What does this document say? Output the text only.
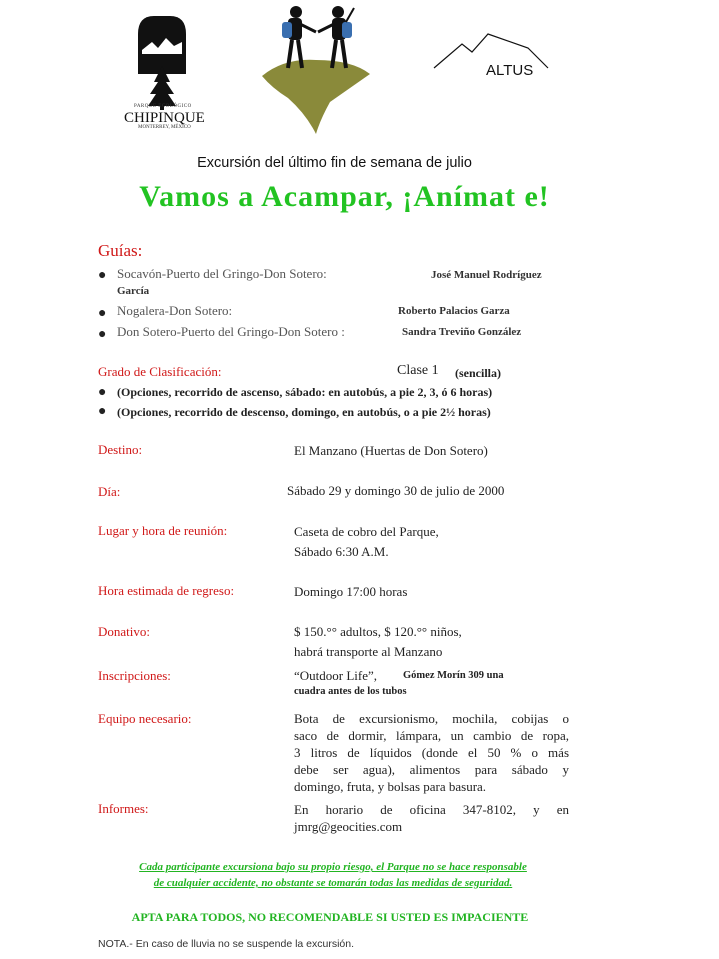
PARQUE ECOLÓGICO
CHIPINQUE
MONTERREY, MÉXICO
ALTUS
Excursión del último fin de semana de julio
Vamos a Acampar, ¡Anímat e!
Guías:
● Socavón-Puerto del Gringo-Don Sotero:	José Manuel Rodríguez
García
● Nogalera-Don Sotero:	Roberto Palacios Garza
● Don Sotero-Puerto del Gringo-Don Sotero :	Sandra Treviño González
Grado de Clasificación:	Clase 1 (sencilla)
● (Opciones, recorrido de ascenso, sábado: en autobús, a pie 2, 3, ó 6 horas)
● (Opciones, recorrido de descenso, domingo, en autobús, o a pie 2½ horas)
Destino:	El Manzano (Huertas de Don Sotero)
Día:	Sábado 29 y domingo 30 de julio de 2000
Lugar y hora de reunión:	Caseta de cobro del Parque,
Sábado 6:30 A.M.
Hora estimada de regreso:	Domingo 17:00 horas
Donativo:	$ 150.°° adultos, $ 120.°° niños,
habrá transporte al Manzano
Inscripciones:	“Outdoor Life”, Gómez Morín 309 una
cuadra antes de los tubos
Equipo necesario:	Bota de excursionismo, mochila, cobijas o
saco de dormir, lámpara, un cambio de ropa,
3 litros de líquidos (donde el 50 % o más
debe ser agua), alimentos para sábado y
domingo, fruta, y bolsas para basura.
Informes:	En horario de oficina 347-8102, y en
jmrg@geocities.com
Cada participante excursiona bajo su propio riesgo, el Parque no se hace responsable
de cualquier accidente, no obstante se tomarán todas las medidas de seguridad.
APTA PARA TODOS, NO RECOMENDABLE SI USTED ES IMPACIENTE
NOTA.- En caso de lluvia no se suspende la excursión.
